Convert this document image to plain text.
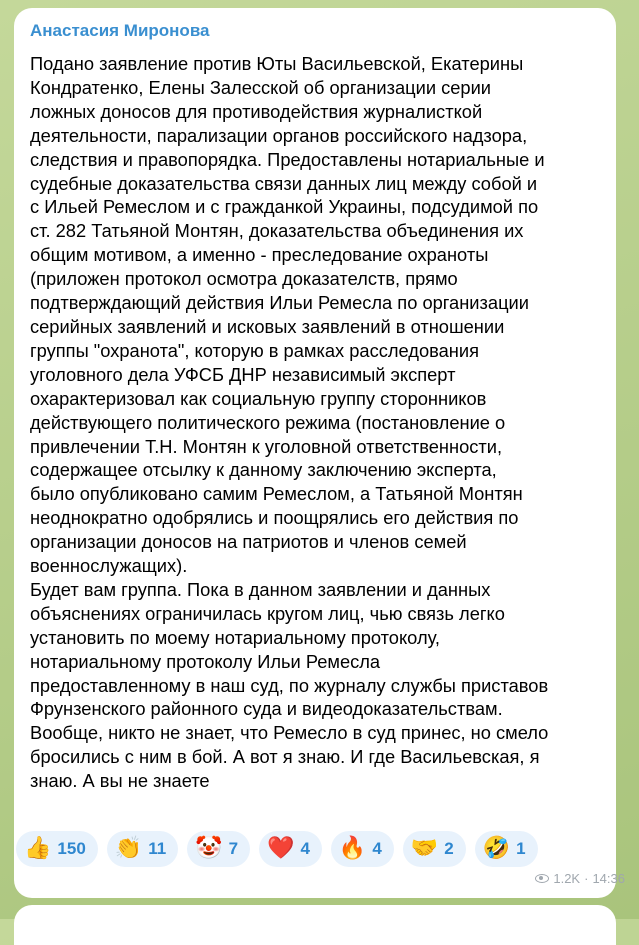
Анастасия Миронова
Подано заявление против Юты Васильевской, Екатерины
Кондратенко, Елены Залесской об организации серии
ложных доносов для противодействия журналисткой
деятельности, парализации органов российского надзора,
следствия и правопорядка. Предоставлены нотариальные и
судебные доказательства связи данных лиц между собой и
с Ильей Ремеслом и с гражданкой Украины, подсудимой по
ст. 282 Татьяной Монтян, доказательства объединения их
общим мотивом, а именно - преследование охраноты
(приложен протокол осмотра доказателств, прямо
подтверждающий действия Ильи Ремесла по организации
серийных заявлений и исковых заявлений в отношении
группы "охранота", которую в рамках расследования
уголовного дела УФСБ ДНР независимый эксперт
охарактеризовал как социальную группу сторонников
действующего политического режима (постановление о
привлечении Т.Н. Монтян к уголовной ответственности,
содержащее отсылку к данному заключению эксперта,
было опубликовано самим Ремеслом, а Татьяной Монтян
неоднократно одобрялись и поощрялись его действия по
организации доносов на патриотов и членов семей
военнослужащих).
Будет вам группа. Пока в данном заявлении и данных
объяснениях ограничилась кругом лиц, чью связь легко
установить по моему нотариальному протоколу,
нотариальному протоколу Ильи Ремесла
предоставленному в наш суд, по журналу службы приставов
Фрунзенского районного суда и видеодоказательствам.
Вообще, никто не знает, что Ремесло в суд принес, но смело
бросились с ним в бой. А вот я знаю. И где Васильевская, я
знаю. А вы не знаете
👍 150 👏 11 🤡 7 ❤️ 4 🔥 4 🤝 2 🤣 1
1.2K · 14:36
